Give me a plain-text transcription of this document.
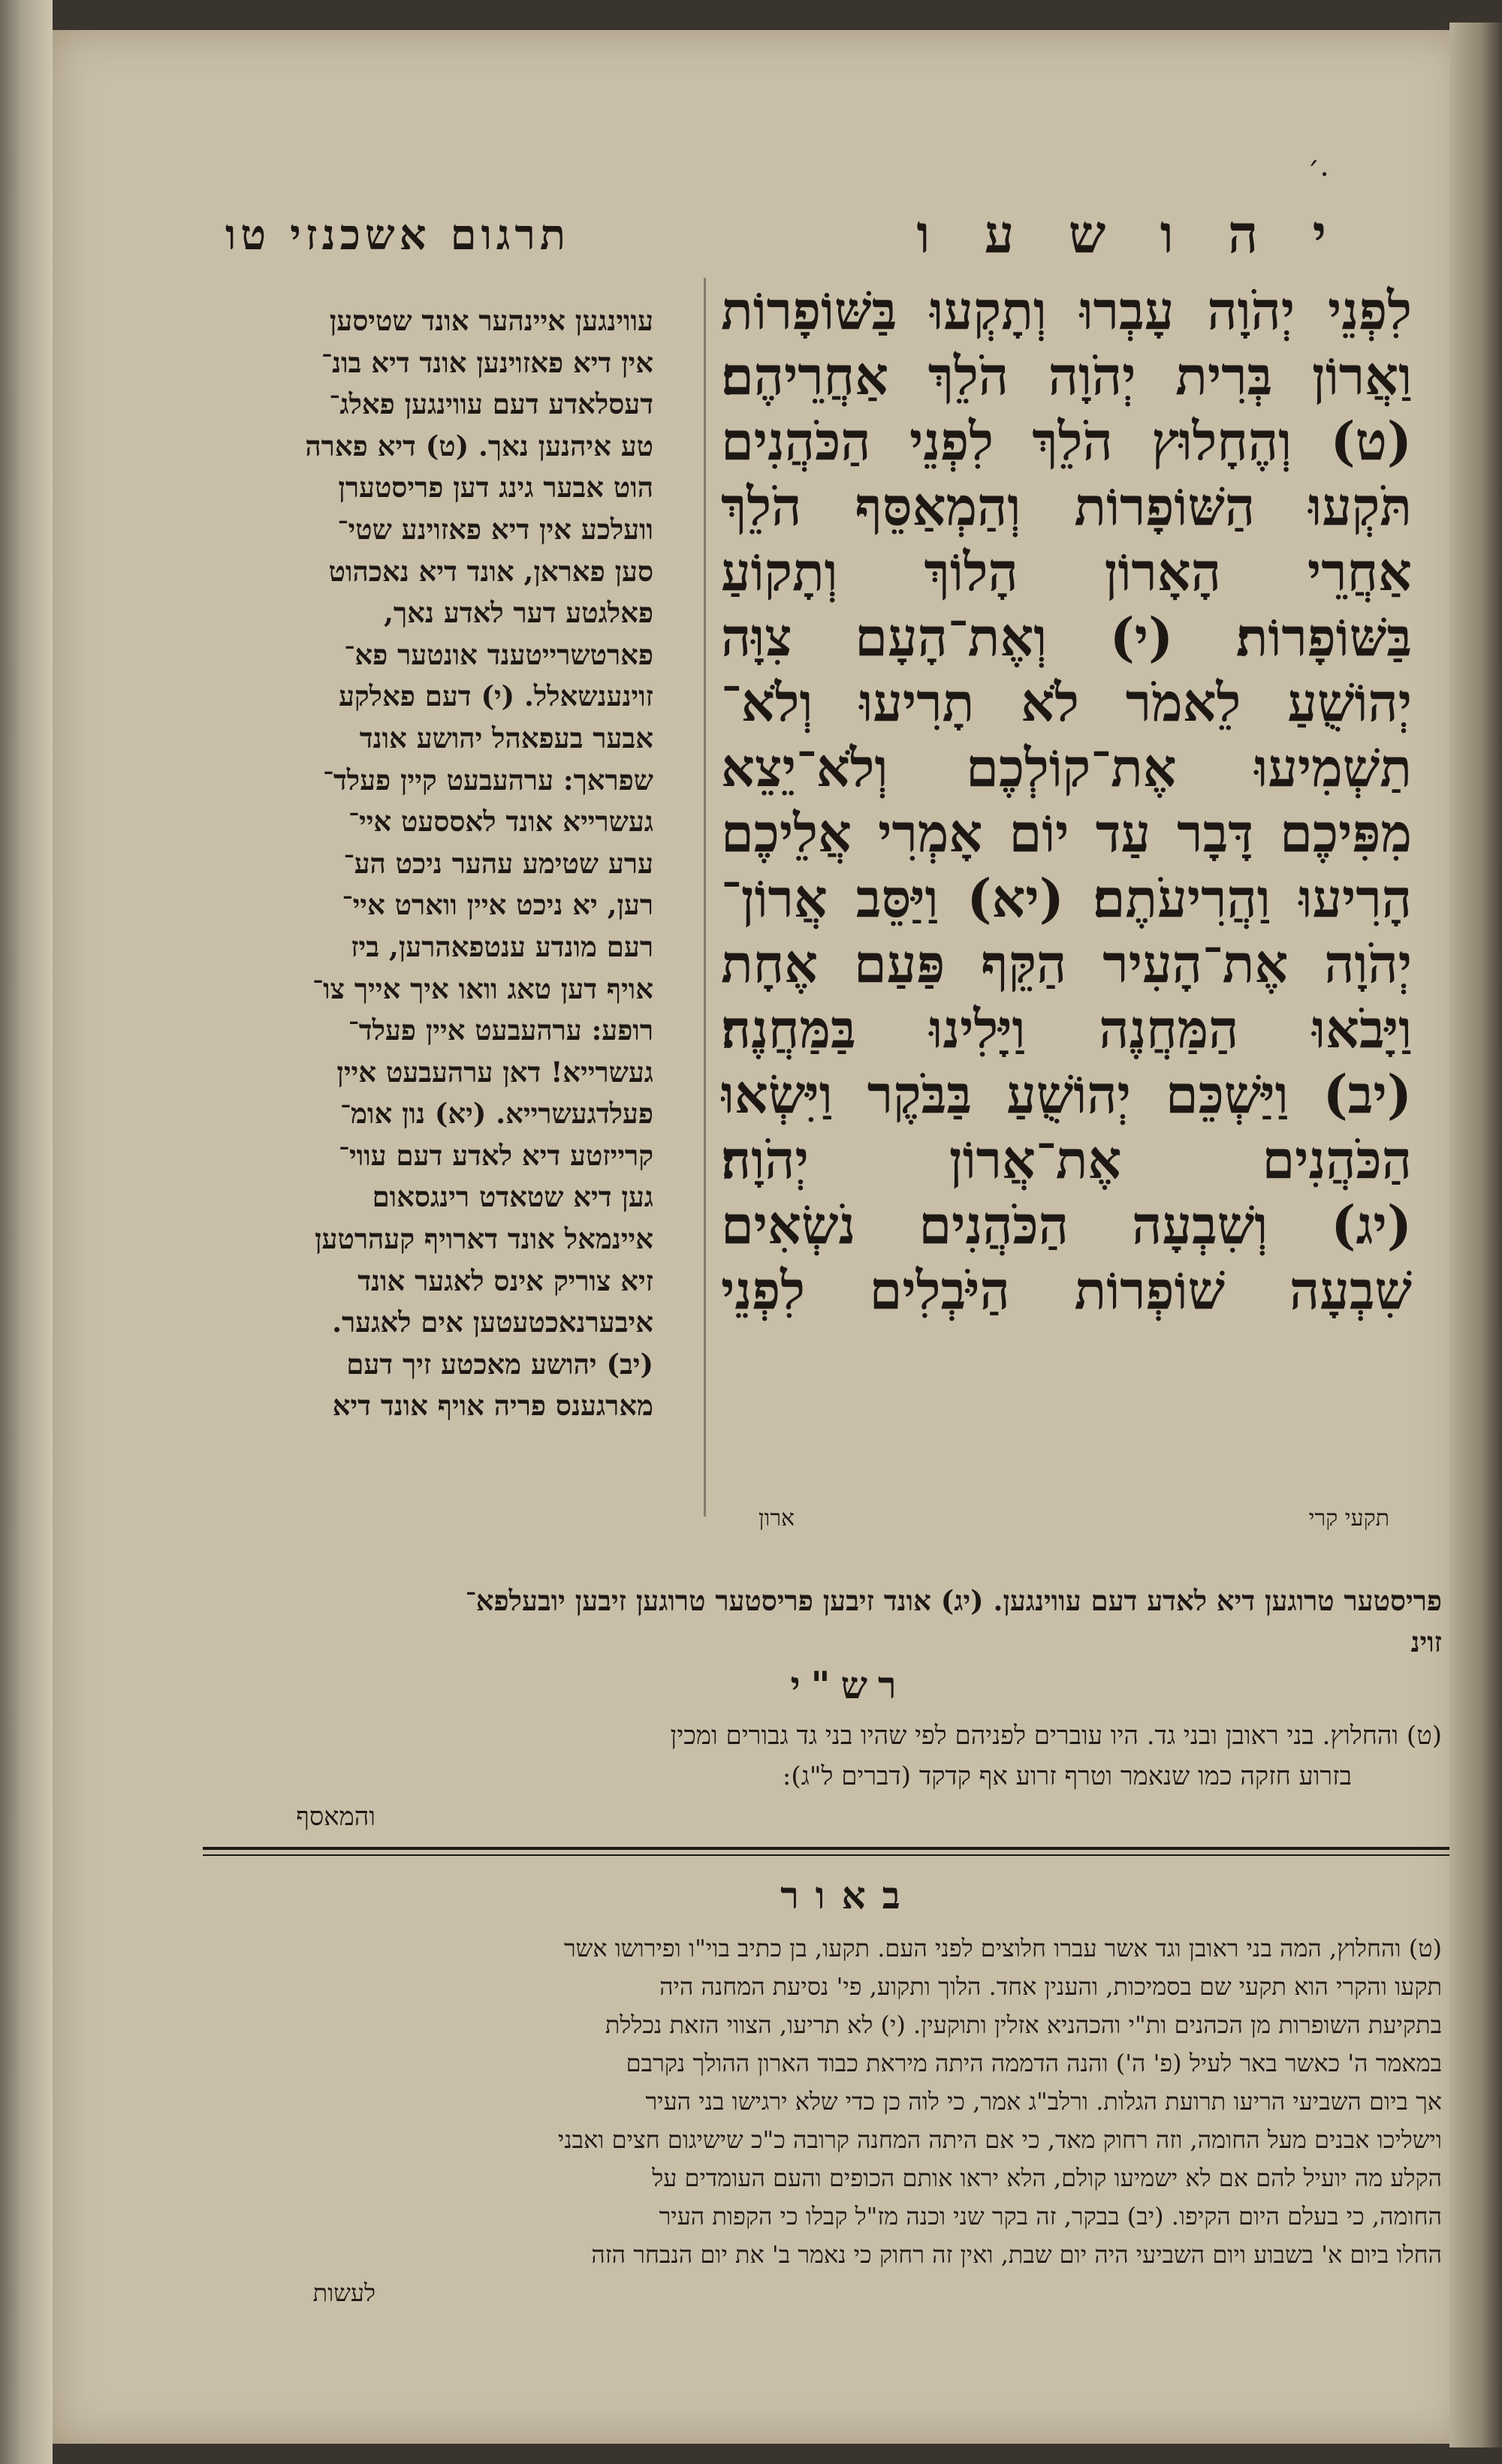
·ˊ
י ה ו ש ע ו
תרגוםאשכנזיטו
לִפְנֵי יְהֹוָה עָבְרוּ וְתָקְעוּ בַּשּׁוֹפָרוֹת
וַאֲרוֹן בְּרִית יְהֹוָה הֹלֵךְ אַחֲרֵיהֶם׃
(ט) וְהֶחָלוּץ הֹלֵךְ לִפְנֵי הַכֹּהֲנִים
תֹּקְעוּ הַשּׁוֹפָרוֹת וְהַמְאַסֵּף הֹלֵךְ
אַחֲרֵי הָאָרוֹן הָלוֹךְ וְתָקוֹעַ
בַּשּׁוֹפָרוֹת׃ (י) וְאֶת־הָעָם צִוָּה
יְהוֹשֻׁעַ לֵאמֹר לֹא תָרִיעוּ וְלֹא־
תַשְׁמִיעוּ אֶת־קוֹלְכֶם וְלֹא־יֵצֵא
מִפִּיכֶם דָּבָר עַד יוֹם אָמְרִי אֲלֵיכֶם
הָרִיעוּ וַהֲרִיעֹתֶם׃ (יא) וַיַּסֵּב אֲרוֹן־
יְהֹוָה אֶת־הָעִיר הַקֵּף פַּעַם אֶחָת
וַיָּבֹאוּ הַמַּחֲנֶה וַיָּלִינוּ בַּמַּחֲנֶה׃
(יב) וַיַּשְׁכֵּם יְהוֹשֻׁעַ בַּבֹּקֶר וַיִּשְׂאוּ
הַכֹּהֲנִים אֶת־אֲרוֹן יְהֹוָה׃
(יג) וְשִׁבְעָה הַכֹּהֲנִים נֹשְׂאִים
שִׁבְעָה שׁוֹפְרוֹת הַיֹּבְלִים לִפְנֵי
תקעי קרי
ארון
עווינגען איינהער אונד שטיסען
אין דיא פאזוינען אונד דיא בונ־
דעסלאדע דעם עווינגען פאלג־
טע איהנען נאך. (ט) דיא פארה
הוט אבער גינג דען פריסטערן
וועלכע אין דיא פאזוינע שטי־
סען פאראן, אונד דיא נאכהוט
פאלגטע דער לאדע נאך,
פארטשרייטענד אונטער פא־
זוינענשאלל. (י) דעם פאלקע
אבער בעפאהל יהושע אונד
שפראך: ערהעבעט קיין פעלד־
געשרייא אונד לאססעט איי־
ערע שטימע עהער ניכט הע־
רען, יא ניכט איין ווארט איי־
רעם מונדע ענטפאהרען, ביז
אויף דען טאג וואו איך אייך צו־
רופע: ערהעבעט איין פעלד־
געשרייא! דאן ערהעבעט איין
פעלדגעשרייא. (יא) נון אומ־
קרייזטע דיא לאדע דעם עווי־
גען דיא שטאדט רינגסאום
איינמאל אונד דארויף קעהרטען
זיא צוריק אינס לאגער אונד
איבערנאכטעטען אים לאגער.
(יב) יהושע מאכטע זיך דעם
מארגענס פריה אויף אונד דיא
פריסטער טרוגען דיא לאדע דעם עווינגען. (יג) אונד זיבען פריסטער טרוגען זיבען יובעלפא־
זוינ
רש"י
(ט) והחלוץ. בני ראובן ובני גד. היו עוברים לפניהם לפי שהיו בני גד גבורים ומכין
בזרוע חזקה כמו שנאמר וטרף זרוע אף קדקד (דברים ל"ג):
והמאסף
באור
(ט) והחלוץ, המה בני ראובן וגד אשר עברו חלוצים לפני העם. תקעו, בן כתיב בוי"ו ופירושו אשר
תקעו והקרי הוא תקעי שם בסמיכות, והענין אחד. הלוך ותקוע, פי' נסיעת המחנה היה
בתקיעת השופרות מן הכהנים ות"י והכהניא אזלין ותוקעין. (י) לא תריעו, הצווי הזאת נכללת
במאמר ה' כאשר באר לעיל (פ' ה') והנה הדממה היתה מיראת כבוד הארון ההולך נקרבם
אך ביום השביעי הריעו תרועת הגלות. ורלב"ג אמר, כי לוה כן כדי שלא ירגישו בני העיר
וישליכו אבנים מעל החומה, וזה רחוק מאד, כי אם היתה המחנה קרובה כ"כ שישיגום חצים ואבני
הקלע מה יועיל להם אם לא ישמיעו קולם, הלא יראו אותם הכופים והעם העומדים על
החומה, כי בעלם היום הקיפו. (יב) בבקר, זה בקר שני וכנה מז"ל קבלו כי הקפות העיר
החלו ביום א' בשבוע ויום השביעי היה יום שבת, ואין זה רחוק כי נאמר ב' את יום הנבחר הזה
לעשות
